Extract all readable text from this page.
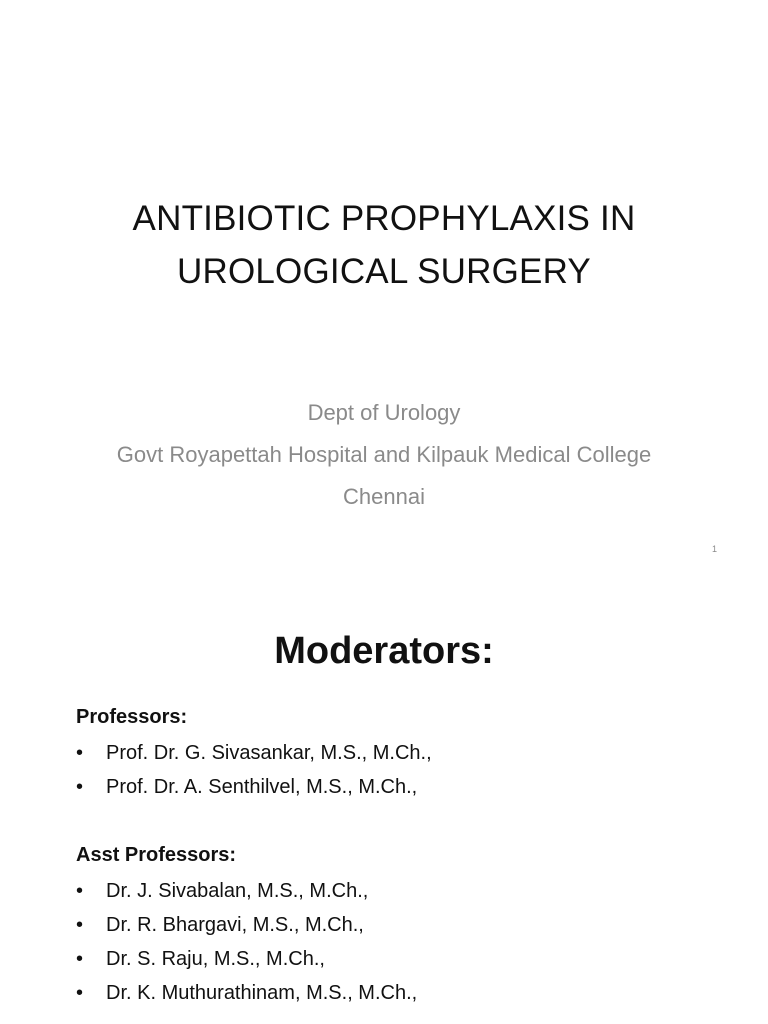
ANTIBIOTIC PROPHYLAXIS IN
UROLOGICAL SURGERY
Dept of Urology
Govt Royapettah Hospital and Kilpauk Medical College
Chennai
1
Moderators:
Professors:
• Prof. Dr. G. Sivasankar, M.S., M.Ch.,
• Prof. Dr. A. Senthilvel, M.S., M.Ch.,
Asst Professors:
• Dr. J. Sivabalan, M.S., M.Ch.,
• Dr. R. Bhargavi, M.S., M.Ch.,
• Dr. S. Raju, M.S., M.Ch.,
• Dr. K. Muthurathinam, M.S., M.Ch.,
